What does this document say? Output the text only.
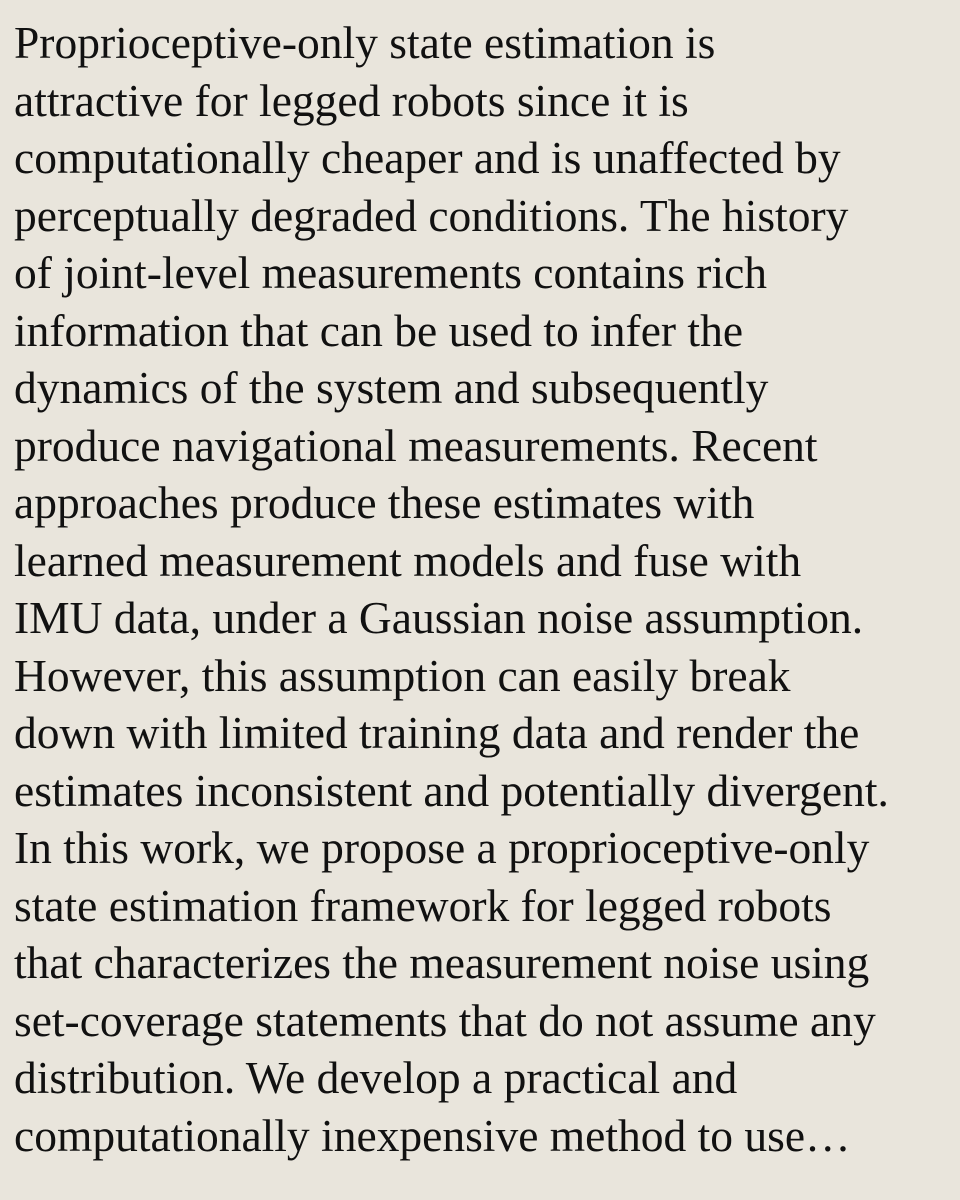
Proprioceptive-only state estimation is
attractive for legged robots since it is
computationally cheaper and is unaffected by
perceptually degraded conditions. The history
of joint-level measurements contains rich
information that can be used to infer the
dynamics of the system and subsequently
produce navigational measurements. Recent
approaches produce these estimates with
learned measurement models and fuse with
IMU data, under a Gaussian noise assumption.
However, this assumption can easily break
down with limited training data and render the
estimates inconsistent and potentially divergent.
In this work, we propose a proprioceptive-only
state estimation framework for legged robots
that characterizes the measurement noise using
set-coverage statements that do not assume any
distribution. We develop a practical and
computationally inexpensive method to use…
